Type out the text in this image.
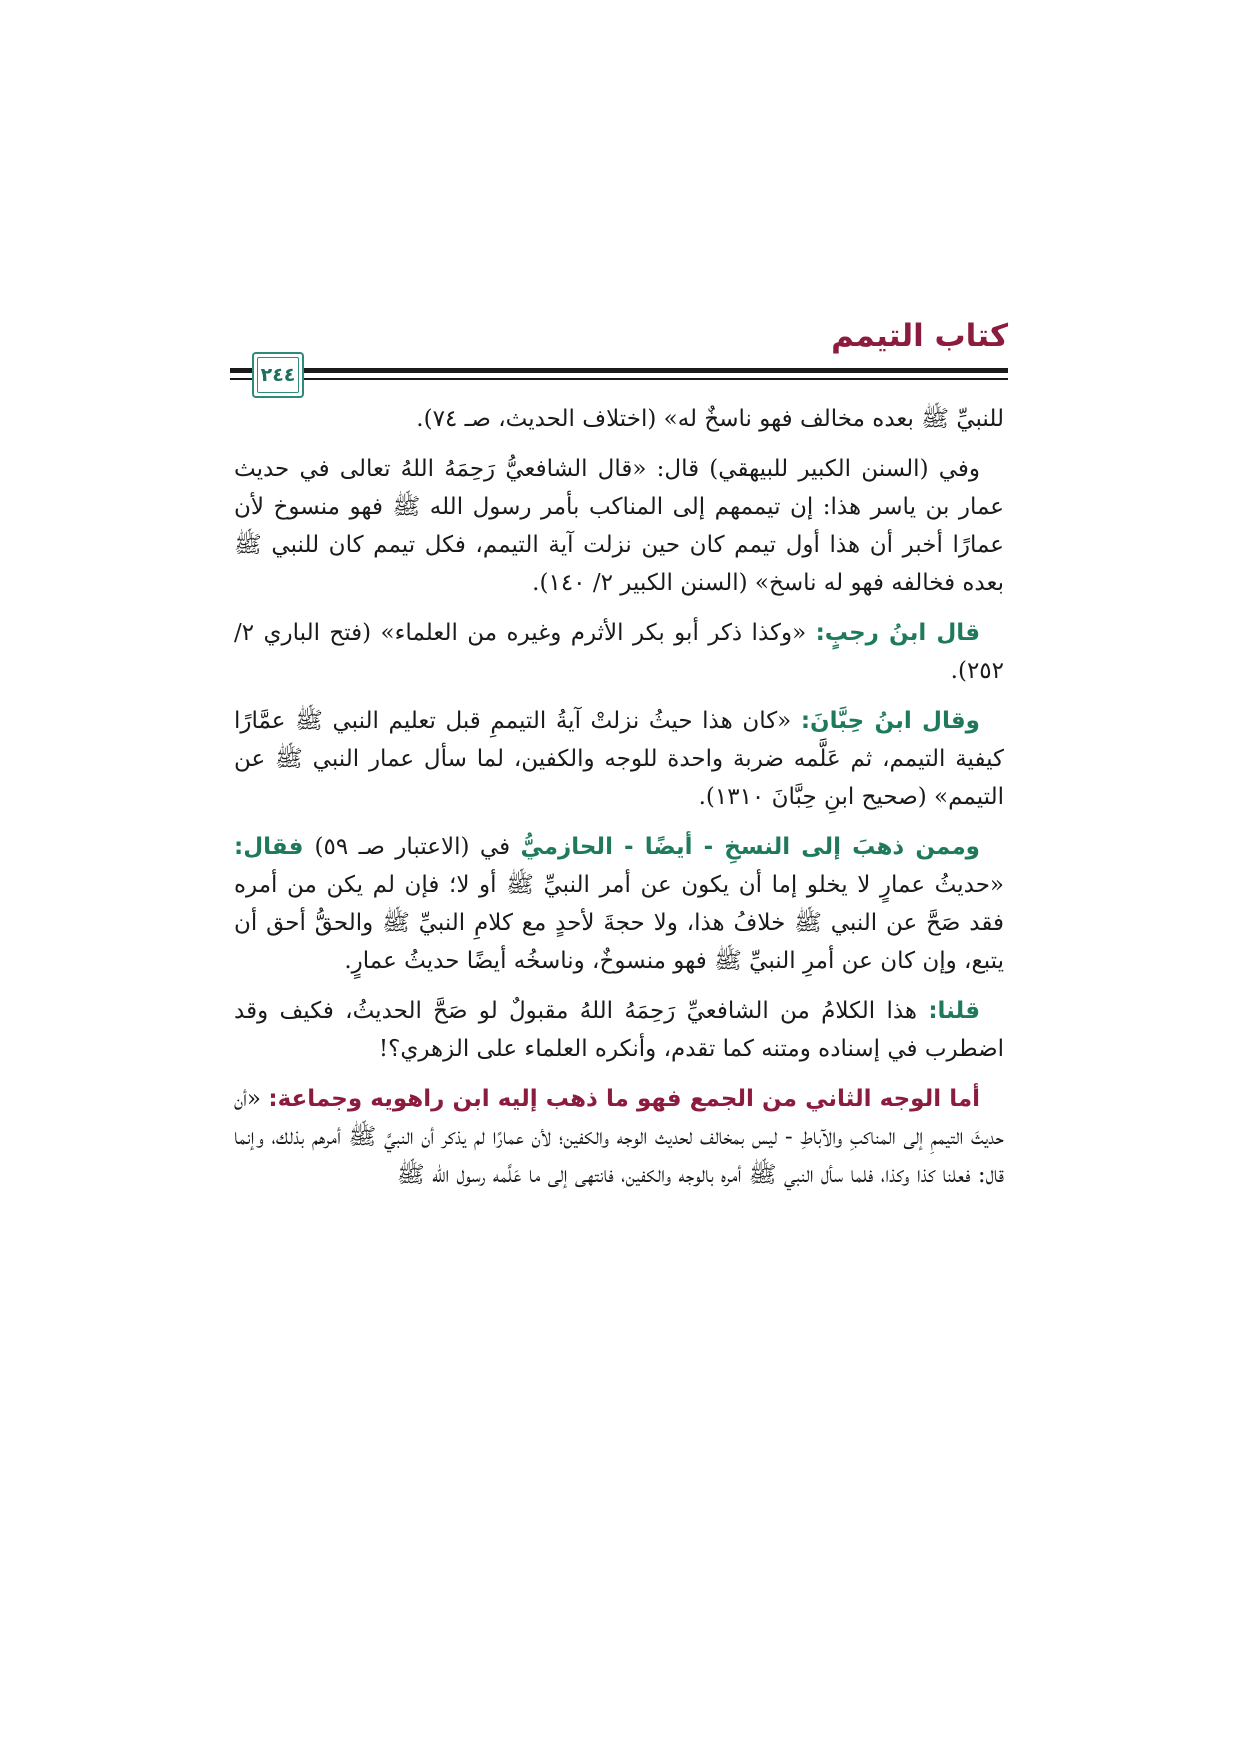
كتاب التيمم
٢٤٤

للنبيِّ ﷺ بعده مخالف فهو ناسخٌ له» (اختلاف الحديث، صـ ٧٤).

وفي (السنن الكبير للبيهقي) قال: «قال الشافعيُّ رَحِمَهُ اللهُ تعالى في حديث عمار بن ياسر هذا: إن تيممهم إلى المناكب بأمر رسول الله ﷺ فهو منسوخ لأن عمارًا أخبر أن هذا أول تيمم كان حين نزلت آية التيمم، فكل تيمم كان للنبي ﷺ بعده فخالفه فهو له ناسخ» (السنن الكبير ٢/ ١٤٠).

قال ابنُ رجبٍ: «وكذا ذكر أبو بكر الأثرم وغيره من العلماء» (فتح الباري ٢/ ٢٥٢).

وقال ابنُ حِبَّانَ: «كان هذا حيثُ نزلتْ آيةُ التيممِ قبل تعليم النبي ﷺ عمَّارًا كيفية التيمم، ثم عَلَّمه ضربة واحدة للوجه والكفين، لما سأل عمار النبي ﷺ عن التيمم» (صحيح ابنِ حِبَّانَ ١٣١٠).

وممن ذهبَ إلى النسخِ - أيضًا - الحازميُّ في (الاعتبار صـ ٥٩) فقال: «حديثُ عمارٍ لا يخلو إما أن يكون عن أمر النبيِّ ﷺ أو لا؛ فإن لم يكن من أمره فقد صَحَّ عن النبي ﷺ خلافُ هذا، ولا حجةَ لأحدٍ مع كلامِ النبيِّ ﷺ والحقُّ أحق أن يتبع، وإن كان عن أمرِ النبيِّ ﷺ فهو منسوخٌ، وناسخُه أيضًا حديثُ عمارٍ.

قلنا: هذا الكلامُ من الشافعيِّ رَحِمَهُ اللهُ مقبولٌ لو صَحَّ الحديثُ، فكيف وقد اضطرب في إسناده ومتنه كما تقدم، وأنكره العلماء على الزهري؟!

أما الوجه الثاني من الجمع فهو ما ذهب إليه ابن راهويه وجماعة: «أن حديثَ التيممِ إلى المناكبِ والآباطِ - ليس بمخالف لحديث الوجه والكفين؛ لأن عمارًا لم يذكر أن النبيَّ ﷺ أمرهم بذلك، وإنما قال: فعلنا كذا وكذا، فلما سأل النبي ﷺ أمره بالوجه والكفين، فانتهى إلى ما عَلَّمه رسول الله ﷺ
